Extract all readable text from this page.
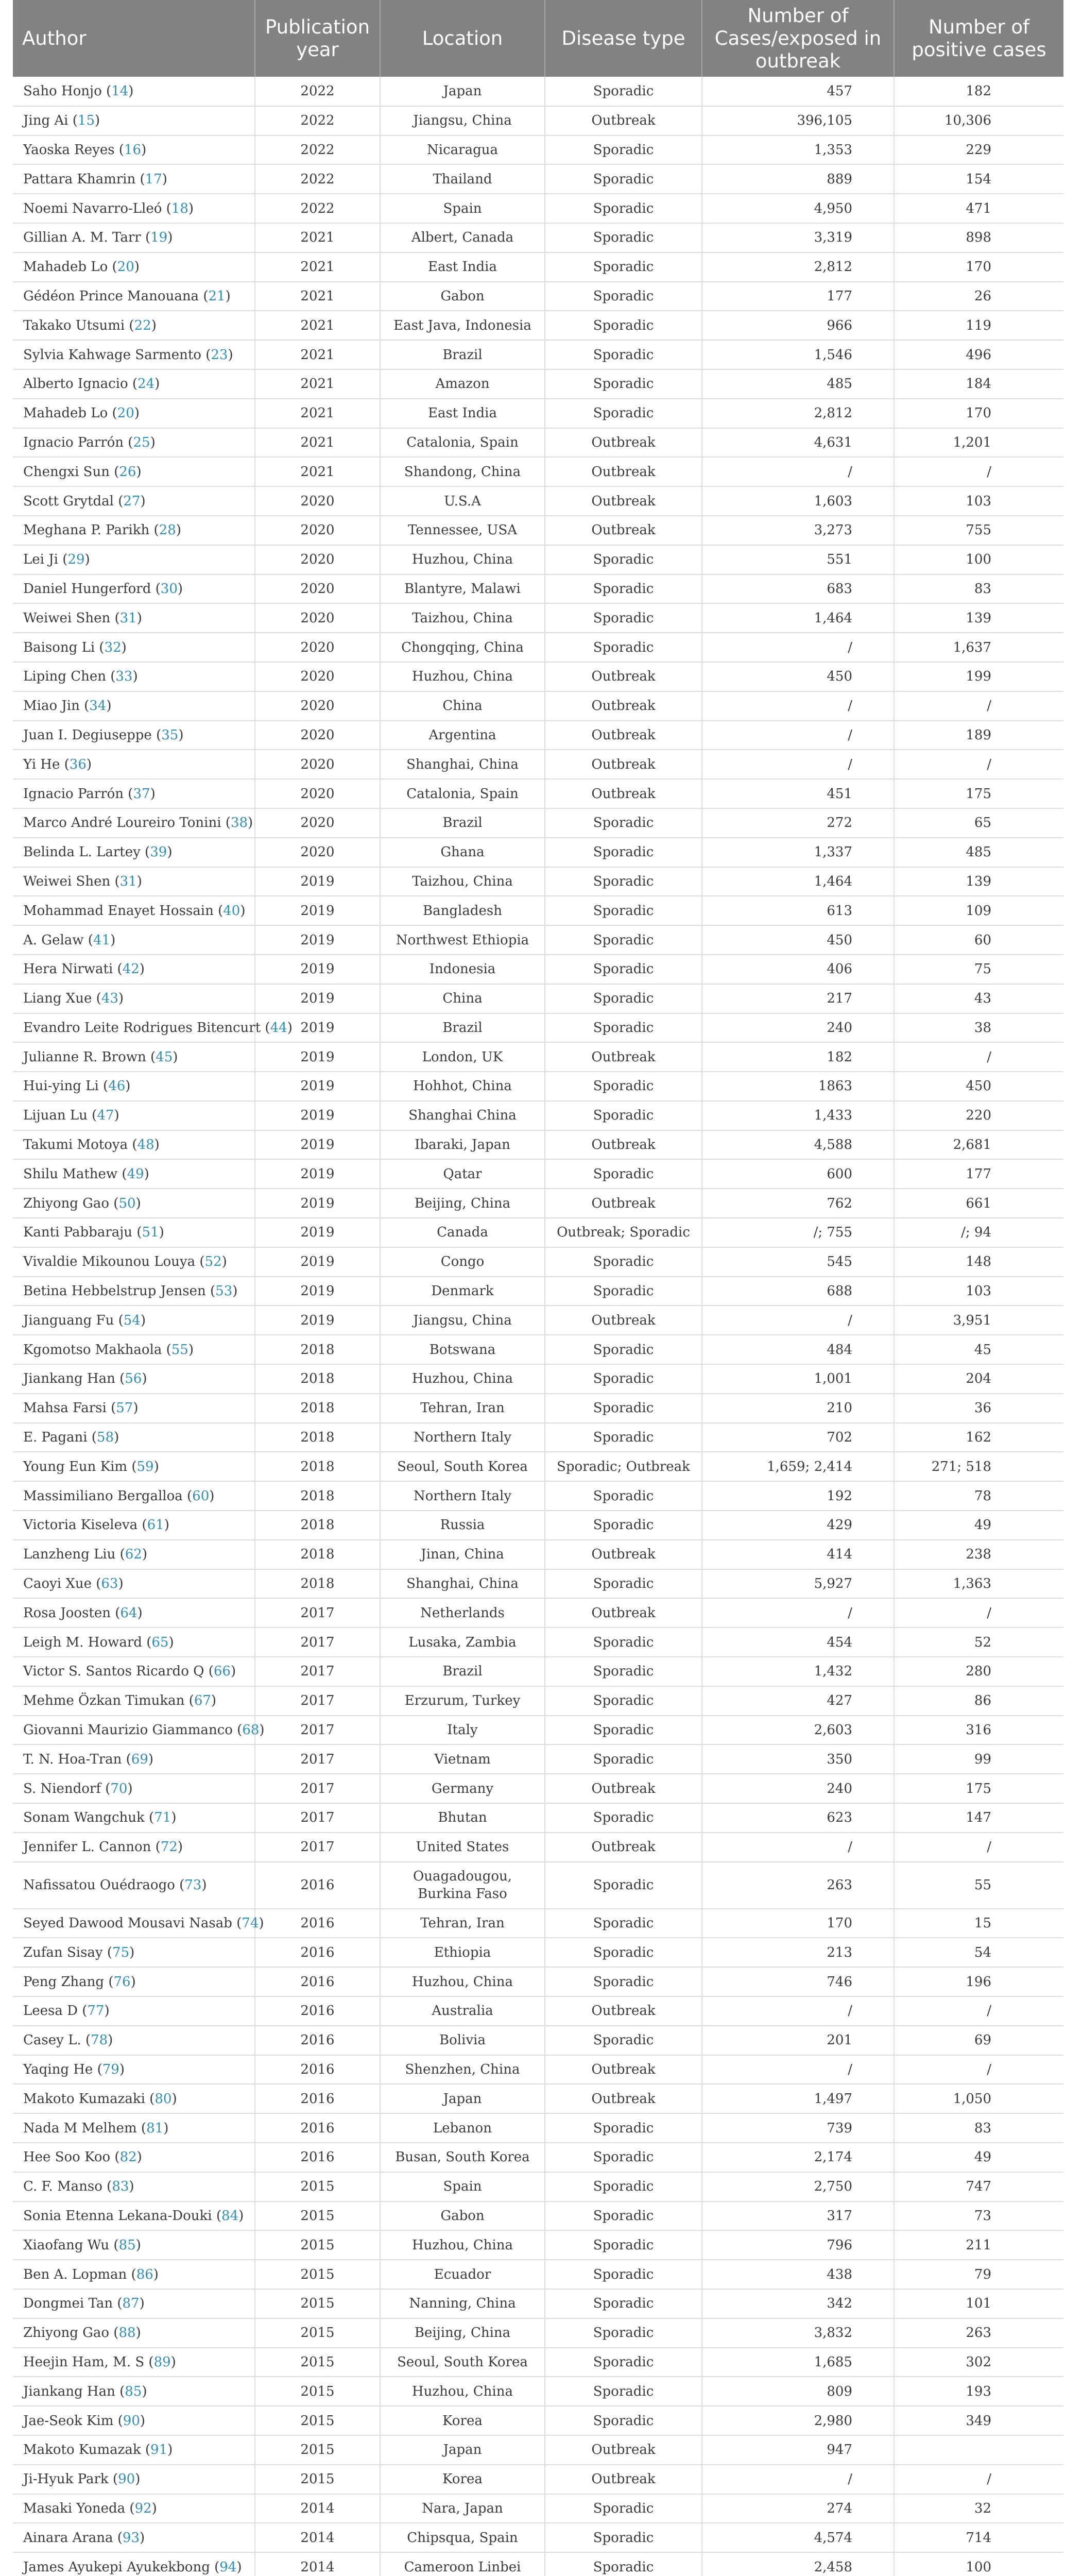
Author	Publication year	Location	Disease type	Number of Cases/exposed in outbreak	Number of positive cases
Saho Honjo (14)	2022	Japan	Sporadic	457	182
Jing Ai (15)	2022	Jiangsu, China	Outbreak	396,105	10,306
Yaoska Reyes (16)	2022	Nicaragua	Sporadic	1,353	229
Pattara Khamrin (17)	2022	Thailand	Sporadic	889	154
Noemi Navarro-Lleó (18)	2022	Spain	Sporadic	4,950	471
Gillian A. M. Tarr (19)	2021	Albert, Canada	Sporadic	3,319	898
Mahadeb Lo (20)	2021	East India	Sporadic	2,812	170
Gédéon Prince Manouana (21)	2021	Gabon	Sporadic	177	26
Takako Utsumi (22)	2021	East Java, Indonesia	Sporadic	966	119
Sylvia Kahwage Sarmento (23)	2021	Brazil	Sporadic	1,546	496
Alberto Ignacio (24)	2021	Amazon	Sporadic	485	184
Mahadeb Lo (20)	2021	East India	Sporadic	2,812	170
Ignacio Parrón (25)	2021	Catalonia, Spain	Outbreak	4,631	1,201
Chengxi Sun (26)	2021	Shandong, China	Outbreak	/	/
Scott Grytdal (27)	2020	U.S.A	Outbreak	1,603	103
Meghana P. Parikh (28)	2020	Tennessee, USA	Outbreak	3,273	755
Lei Ji (29)	2020	Huzhou, China	Sporadic	551	100
Daniel Hungerford (30)	2020	Blantyre, Malawi	Sporadic	683	83
Weiwei Shen (31)	2020	Taizhou, China	Sporadic	1,464	139
Baisong Li (32)	2020	Chongqing, China	Sporadic	/	1,637
Liping Chen (33)	2020	Huzhou, China	Outbreak	450	199
Miao Jin (34)	2020	China	Outbreak	/	/
Juan I. Degiuseppe (35)	2020	Argentina	Outbreak	/	189
Yi He (36)	2020	Shanghai, China	Outbreak	/	/
Ignacio Parrón (37)	2020	Catalonia, Spain	Outbreak	451	175
Marco André Loureiro Tonini (38)	2020	Brazil	Sporadic	272	65
Belinda L. Lartey (39)	2020	Ghana	Sporadic	1,337	485
Weiwei Shen (31)	2019	Taizhou, China	Sporadic	1,464	139
Mohammad Enayet Hossain (40)	2019	Bangladesh	Sporadic	613	109
A. Gelaw (41)	2019	Northwest Ethiopia	Sporadic	450	60
Hera Nirwati (42)	2019	Indonesia	Sporadic	406	75
Liang Xue (43)	2019	China	Sporadic	217	43
Evandro Leite Rodrigues Bitencurt (44)	2019	Brazil	Sporadic	240	38
Julianne R. Brown (45)	2019	London, UK	Outbreak	182	/
Hui-ying Li (46)	2019	Hohhot, China	Sporadic	1863	450
Lijuan Lu (47)	2019	Shanghai China	Sporadic	1,433	220
Takumi Motoya (48)	2019	Ibaraki, Japan	Outbreak	4,588	2,681
Shilu Mathew (49)	2019	Qatar	Sporadic	600	177
Zhiyong Gao (50)	2019	Beijing, China	Outbreak	762	661
Kanti Pabbaraju (51)	2019	Canada	Outbreak; Sporadic	/; 755	/; 94
Vivaldie Mikounou Louya (52)	2019	Congo	Sporadic	545	148
Betina Hebbelstrup Jensen (53)	2019	Denmark	Sporadic	688	103
Jianguang Fu (54)	2019	Jiangsu, China	Outbreak	/	3,951
Kgomotso Makhaola (55)	2018	Botswana	Sporadic	484	45
Jiankang Han (56)	2018	Huzhou, China	Sporadic	1,001	204
Mahsa Farsi (57)	2018	Tehran, Iran	Sporadic	210	36
E. Pagani (58)	2018	Northern Italy	Sporadic	702	162
Young Eun Kim (59)	2018	Seoul, South Korea	Sporadic; Outbreak	1,659; 2,414	271; 518
Massimiliano Bergalloa (60)	2018	Northern Italy	Sporadic	192	78
Victoria Kiseleva (61)	2018	Russia	Sporadic	429	49
Lanzheng Liu (62)	2018	Jinan, China	Outbreak	414	238
Caoyi Xue (63)	2018	Shanghai, China	Sporadic	5,927	1,363
Rosa Joosten (64)	2017	Netherlands	Outbreak	/	/
Leigh M. Howard (65)	2017	Lusaka, Zambia	Sporadic	454	52
Victor S. Santos Ricardo Q (66)	2017	Brazil	Sporadic	1,432	280
Mehme Özkan Timukan (67)	2017	Erzurum, Turkey	Sporadic	427	86
Giovanni Maurizio Giammanco (68)	2017	Italy	Sporadic	2,603	316
T. N. Hoa-Tran (69)	2017	Vietnam	Sporadic	350	99
S. Niendorf (70)	2017	Germany	Outbreak	240	175
Sonam Wangchuk (71)	2017	Bhutan	Sporadic	623	147
Jennifer L. Cannon (72)	2017	United States	Outbreak	/	/
Nafissatou Ouédraogo (73)	2016	Ouagadougou, Burkina Faso	Sporadic	263	55
Seyed Dawood Mousavi Nasab (74)	2016	Tehran, Iran	Sporadic	170	15
Zufan Sisay (75)	2016	Ethiopia	Sporadic	213	54
Peng Zhang (76)	2016	Huzhou, China	Sporadic	746	196
Leesa D (77)	2016	Australia	Outbreak	/	/
Casey L. (78)	2016	Bolivia	Sporadic	201	69
Yaqing He (79)	2016	Shenzhen, China	Outbreak	/	/
Makoto Kumazaki (80)	2016	Japan	Outbreak	1,497	1,050
Nada M Melhem (81)	2016	Lebanon	Sporadic	739	83
Hee Soo Koo (82)	2016	Busan, South Korea	Sporadic	2,174	49
C. F. Manso (83)	2015	Spain	Sporadic	2,750	747
Sonia Etenna Lekana-Douki (84)	2015	Gabon	Sporadic	317	73
Xiaofang Wu (85)	2015	Huzhou, China	Sporadic	796	211
Ben A. Lopman (86)	2015	Ecuador	Sporadic	438	79
Dongmei Tan (87)	2015	Nanning, China	Sporadic	342	101
Zhiyong Gao (88)	2015	Beijing, China	Sporadic	3,832	263
Heejin Ham, M. S (89)	2015	Seoul, South Korea	Sporadic	1,685	302
Jiankang Han (85)	2015	Huzhou, China	Sporadic	809	193
Jae-Seok Kim (90)	2015	Korea	Sporadic	2,980	349
Makoto Kumazak (91)	2015	Japan	Outbreak	947	
Ji-Hyuk Park (90)	2015	Korea	Outbreak	/	/
Masaki Yoneda (92)	2014	Nara, Japan	Sporadic	274	32
Ainara Arana (93)	2014	Chipsqua, Spain	Sporadic	4,574	714
James Ayukepi Ayukekbong (94)	2014	Cameroon Linbei	Sporadic	2,458	100
